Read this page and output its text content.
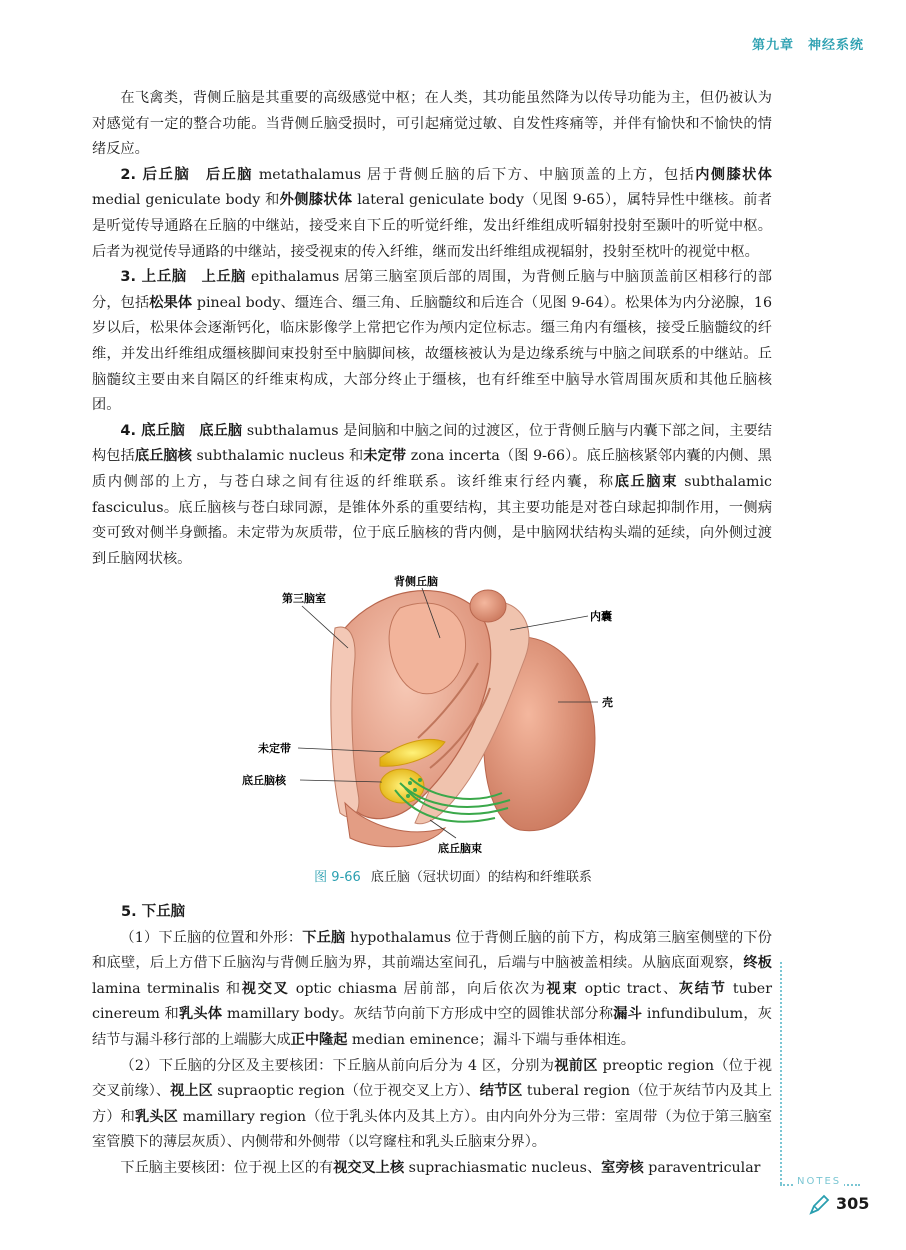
第九章　神经系统

在飞禽类，背侧丘脑是其重要的高级感觉中枢；在人类，其功能虽然降为以传导功能为主，但仍被认为对感觉有一定的整合功能。当背侧丘脑受损时，可引起痛觉过敏、自发性疼痛等，并伴有愉快和不愉快的情绪反应。

2. 后丘脑　 后丘脑 metathalamus 居于背侧丘脑的后下方、中脑顶盖的上方，包括内侧膝状体 medial geniculate body 和外侧膝状体 lateral geniculate body（见图 9-65），属特异性中继核。前者是听觉传导通路在丘脑的中继站，接受来自下丘的听觉纤维，发出纤维组成听辐射投射至颞叶的听觉中枢。后者为视觉传导通路的中继站，接受视束的传入纤维，继而发出纤维组成视辐射，投射至枕叶的视觉中枢。

3. 上丘脑　 上丘脑 epithalamus 居第三脑室顶后部的周围，为背侧丘脑与中脑顶盖前区相移行的部分，包括松果体 pineal body、缰连合、缰三角、丘脑髓纹和后连合（见图 9-64）。松果体为内分泌腺，16 岁以后，松果体会逐渐钙化，临床影像学上常把它作为颅内定位标志。缰三角内有缰核，接受丘脑髓纹的纤维，并发出纤维组成缰核脚间束投射至中脑脚间核，故缰核被认为是边缘系统与中脑之间联系的中继站。丘脑髓纹主要由来自隔区的纤维束构成，大部分终止于缰核，也有纤维至中脑导水管周围灰质和其他丘脑核团。

4. 底丘脑　 底丘脑 subthalamus 是间脑和中脑之间的过渡区，位于背侧丘脑与内囊下部之间，主要结构包括底丘脑核 subthalamic nucleus 和未定带 zona incerta（图 9-66）。底丘脑核紧邻内囊的内侧、黑质内侧部的上方，与苍白球之间有往返的纤维联系。该纤维束行经内囊，称底丘脑束 subthalamic fasciculus。底丘脑核与苍白球同源，是锥体外系的重要结构，其主要功能是对苍白球起抑制作用，一侧病变可致对侧半身颤搐。未定带为灰质带，位于底丘脑核的背内侧，是中脑网状结构头端的延续，向外侧过渡到丘脑网状核。

第三脑室
背侧丘脑
内囊
壳
未定带
底丘脑核
底丘脑束
图 9-66 底丘脑（冠状切面）的结构和纤维联系
5. 下丘脑

（1）下丘脑的位置和外形：下丘脑 hypothalamus 位于背侧丘脑的前下方，构成第三脑室侧壁的下份和底壁，后上方借下丘脑沟与背侧丘脑为界，其前端达室间孔，后端与中脑被盖相续。从脑底面观察，终板 lamina terminalis 和视交叉 optic chiasma 居前部，向后依次为视束 optic tract、灰结节 tuber cinereum 和乳头体 mamillary body。灰结节向前下方形成中空的圆锥状部分称漏斗 infundibulum，灰结节与漏斗移行部的上端膨大成正中隆起 median eminence；漏斗下端与垂体相连。

（2）下丘脑的分区及主要核团：下丘脑从前向后分为 4 区，分别为视前区 preoptic region（位于视交叉前缘）、视上区 supraoptic region（位于视交叉上方）、结节区 tuberal region（位于灰结节内及其上方）和乳头区 mamillary region（位于乳头体内及其上方）。由内向外分为三带：室周带（为位于第三脑室室管膜下的薄层灰质）、内侧带和外侧带（以穹窿柱和乳头丘脑束分界）。

下丘脑主要核团：位于视上区的有视交叉上核 suprachiasmatic nucleus、室旁核 paraventricular

NOTES
305
